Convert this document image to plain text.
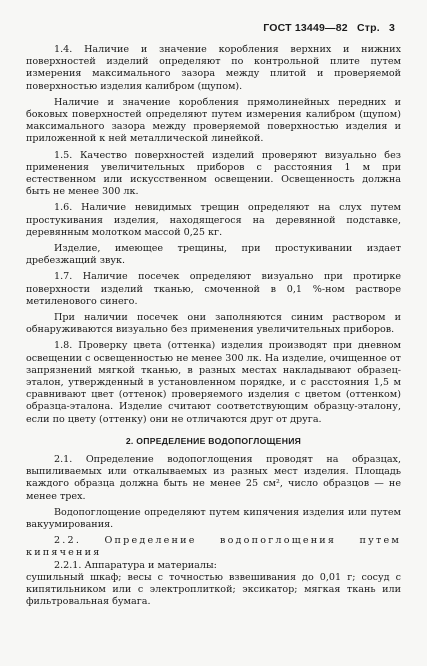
ГОСТ 13449—82 Стр. 3

1.4. Наличие и значение коробления верхних и нижних поверхностей изделий определяют по контрольной плите путем измерения максимального зазора между плитой и проверяемой поверхностью изделия калибром (щупом).

Наличие и значение коробления прямолинейных передних и боковых поверхностей определяют путем измерения калибром (щупом) максимального зазора между проверяемой поверхностью изделия и приложенной к ней металлической линейкой.

1.5. Качество поверхностей изделий проверяют визуально без применения увеличительных приборов с расстояния 1 м при естественном или искусственном освещении. Освещенность должна быть не менее 300 лк.

1.6. Наличие невидимых трещин определяют на слух путем простукивания изделия, находящегося на деревянной подставке, деревянным молотком массой 0,25 кг.

Изделие, имеющее трещины, при простукивании издает дребезжащий звук.

1.7. Наличие посечек определяют визуально при протирке поверхности изделий тканью, смоченной в 0,1 %-ном растворе метиленового синего.

При наличии посечек они заполняются синим раствором и обнаруживаются визуально без применения увеличительных приборов.

1.8. Проверку цвета (оттенка) изделия производят при дневном освещении с освещенностью не менее 300 лк. На изделие, очищенное от запрязнений мягкой тканью, в разных местах накладывают образец-эталон, утвержденный в установленном порядке, и с расстояния 1,5 м сравнивают цвет (оттенок) проверяемого изделия с цветом (оттенком) образца-эталона. Изделие считают соответствующим образцу-эталону, если по цвету (оттенку) они не отличаются друг от друга.

2. ОПРЕДЕЛЕНИЕ ВОДОПОГЛОЩЕНИЯ

2.1. Определение водопоглощения проводят на образцах, выпиливаемых или откалываемых из разных мест изделия. Площадь каждого образца должна быть не менее 25 см², число образцов — не менее трех.

Водопоглощение определяют путем кипячения изделия или путем вакуумирования.

2.2. Определение водопоглощения путем кипячения

2.2.1. Аппаратура и материалы:

сушильный шкаф; весы с точностью взвешивания до 0,01 г; сосуд с кипятильником или с электроплиткой; эксикатор; мягкая ткань или фильтровальная бумага.
